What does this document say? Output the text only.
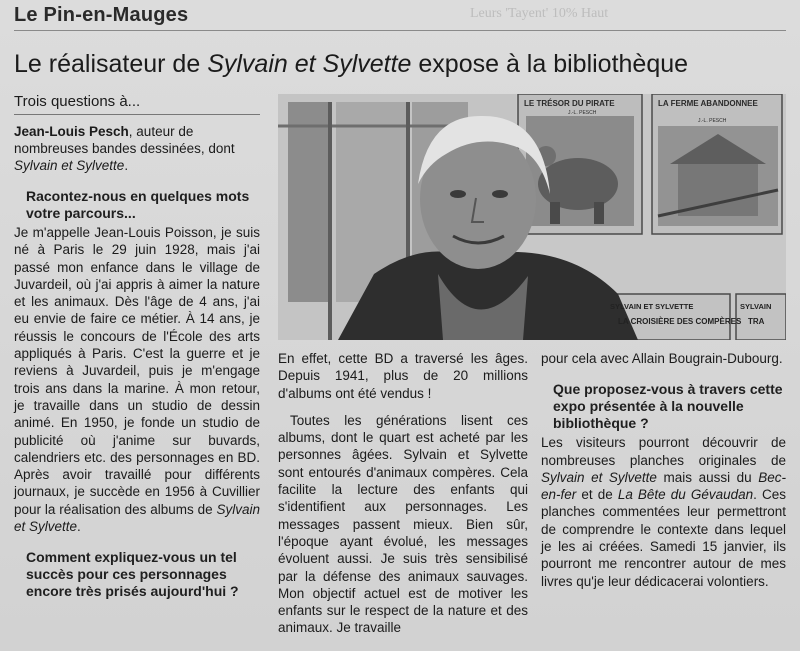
Le Pin-en-Mauges	Leurs 'Tayent' 10% Haut
Le réalisateur de Sylvain et Sylvette expose à la bibliothèque
Trois questions à...

Jean-Louis Pesch, auteur de nombreuses bandes dessinées, dont Sylvain et Sylvette.

Racontez-nous en quelques mots votre parcours...

Je m'appelle Jean-Louis Poisson, je suis né à Paris le 29 juin 1928, mais j'ai passé mon enfance dans le village de Juvardeil, où j'ai appris à aimer la nature et les animaux. Dès l'âge de 4 ans, j'ai eu envie de faire ce métier. À 14 ans, je réussis le concours de l'École des arts appliqués à Paris. C'est la guerre et je reviens à Juvardeil, puis je m'engage trois ans dans la marine. À mon retour, je travaille dans un studio de dessin animé. En 1950, je fonde un studio de publicité où j'anime sur buvards, calendriers etc. des personnages en BD. Après avoir travaillé pour différents journaux, je succède en 1956 à Cuvillier pour la réalisation des albums de Sylvain et Sylvette.

Comment expliquez-vous un tel succès pour ces personnages encore très prisés aujourd'hui ?

LE TRÉSOR DU PIRATE
J.-L. PESCH
LA FERME ABANDONNEE
J.-L. PESCH
SYLVAIN ET SYLVETTE
LA CROISIÈRE DES COMPÈRES
SYLVAIN
TRA

En effet, cette BD a traversé les âges. Depuis 1941, plus de 20 millions d'albums ont été vendus !

Toutes les générations lisent ces albums, dont le quart est acheté par les personnes âgées. Sylvain et Sylvette sont entourés d'animaux compères. Cela facilite la lecture des enfants qui s'identifient aux personnages. Les messages passent mieux. Bien sûr, l'époque ayant évolué, les messages évoluent aussi. Je suis très sensibilisé par la défense des animaux sauvages. Mon objectif actuel est de motiver les enfants sur le respect de la nature et des animaux. Je travaille

pour cela avec Allain Bougrain-Dubourg.

Que proposez-vous à travers cette expo présentée à la nouvelle bibliothèque ?

Les visiteurs pourront découvrir de nombreuses planches originales de Sylvain et Sylvette mais aussi du Bec-en-fer et de La Bête du Gévaudan. Ces planches commentées leur permettront de comprendre le contexte dans lequel je les ai créées. Samedi 15 janvier, ils pourront me rencontrer autour de mes livres qu'je leur dédicacerai volontiers.
